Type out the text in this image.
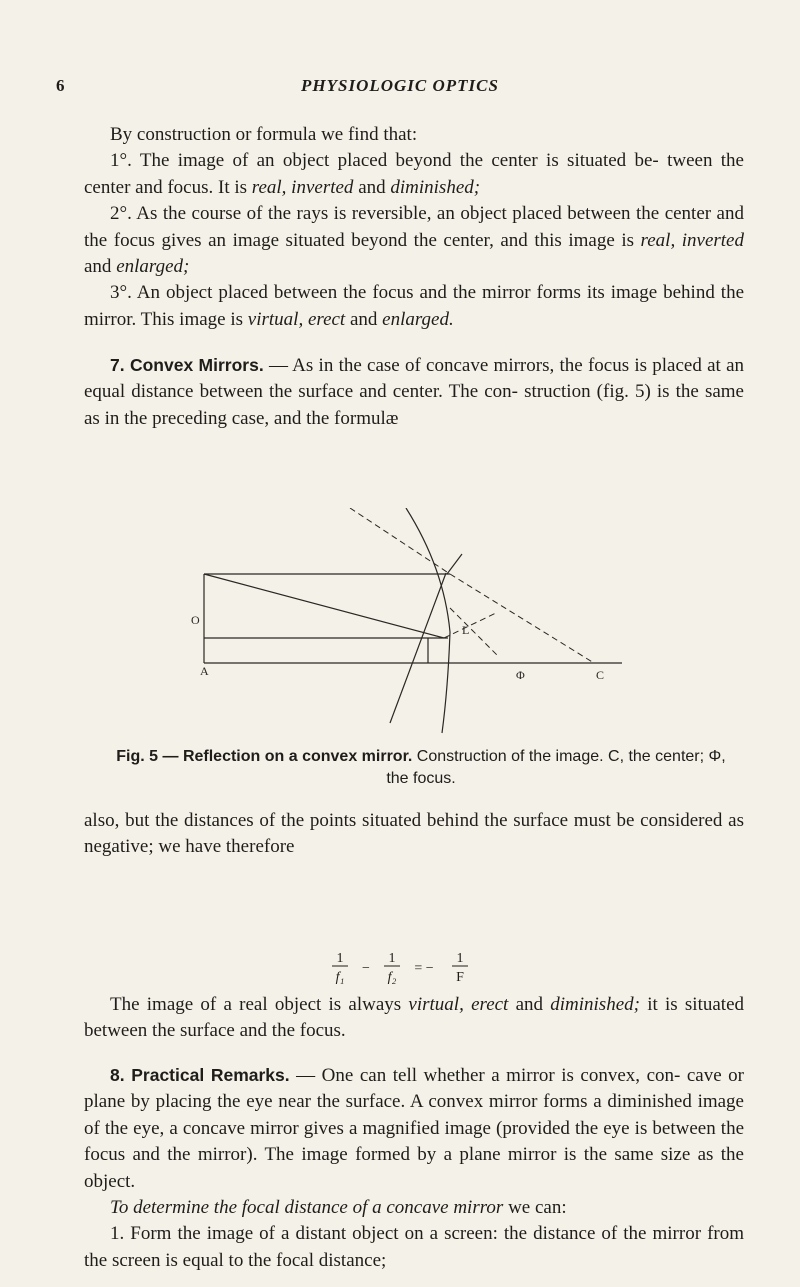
6	PHYSIOLOGIC OPTICS

By construction or formula we find that:

1°. The image of an object placed beyond the center is situated be- tween the center and focus. It is real, inverted and diminished;

2°. As the course of the rays is reversible, an object placed between the center and the focus gives an image situated beyond the center, and this image is real, inverted and enlarged;

3°. An object placed between the focus and the mirror forms its image behind the mirror. This image is virtual, erect and enlarged.

7. Convex Mirrors. — As in the case of concave mirrors, the focus is placed at an equal distance between the surface and center. The con- struction (fig. 5) is the same as in the preceding case, and the formulæ

O
A
L
Φ	C
Fig. 5 — Reflection on a convex mirror. Construction of the image. C, the center; Φ, the focus.

also, but the distances of the points situated behind the surface must be considered as negative; we have therefore

1
f₁
−
1
f₂
= −
1
F

The image of a real object is always virtual, erect and diminished; it is situated between the surface and the focus.

8. Practical Remarks. — One can tell whether a mirror is convex, con- cave or plane by placing the eye near the surface. A convex mirror forms a diminished image of the eye, a concave mirror gives a magnified image (provided the eye is between the focus and the mirror). The image formed by a plane mirror is the same size as the object.

To determine the focal distance of a concave mirror we can:

1. Form the image of a distant object on a screen: the distance of the mirror from the screen is equal to the focal distance;
